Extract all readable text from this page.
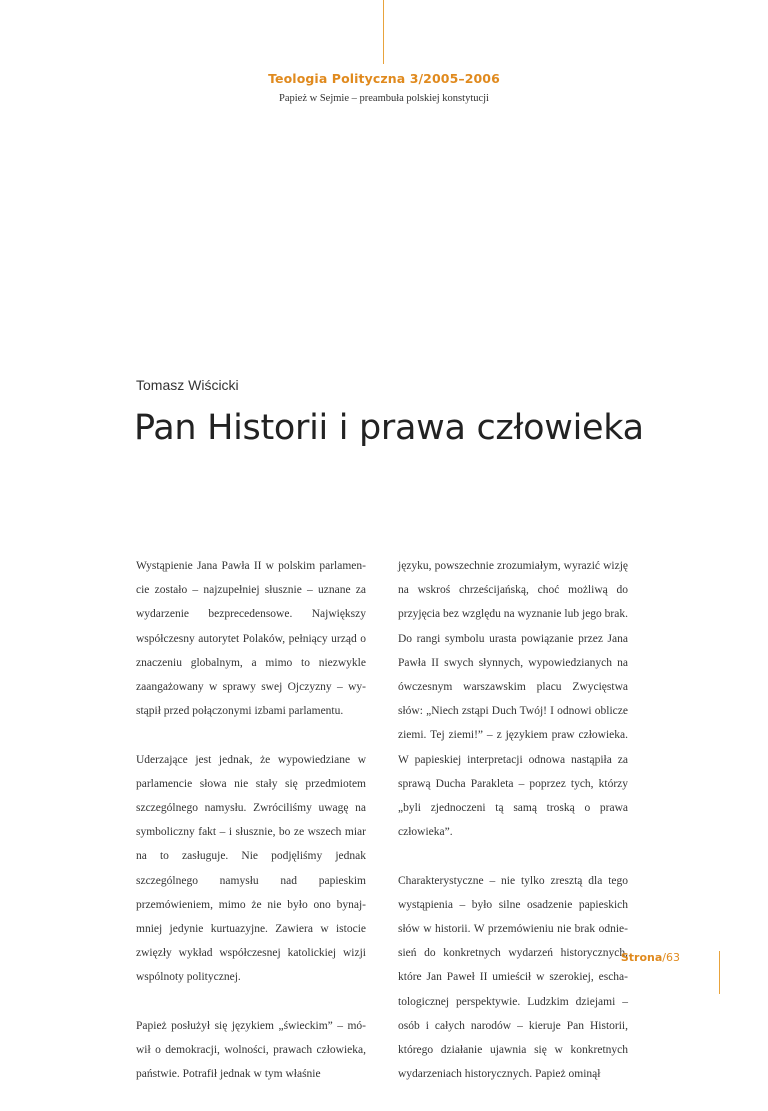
Teologia Polityczna 3/2005–2006
Papież w Sejmie – preambuła polskiej konstytucji
Tomasz Wiścicki
Pan Historii i prawa człowieka

Wystąpienie Jana Pawła II w polskim parlamencie zostało – najzupełniej słusznie – uznane za wydarzenie bezprecedensowe. Największy współczesny autorytet Polaków, pełniący urząd o znaczeniu globalnym, a mimo to niezwykle zaangażowany w sprawy swej Ojczyzny – wystąpił przed połączonymi izbami parlamentu.

Uderzające jest jednak, że wypowiedziane w parlamencie słowa nie stały się przedmiotem szczególnego namysłu. Zwróciliśmy uwagę na symboliczny fakt – i słusznie, bo ze wszech miar na to zasługuje. Nie podjęliśmy jednak szczególnego namysłu nad papieskim przemówieniem, mimo że nie było ono bynajmniej jedynie kurtuazyjne. Zawiera w istocie zwięzły wykład współczesnej katolickiej wizji wspólnoty politycznej.

Papież posłużył się językiem „świeckim” – mówił o demokracji, wolności, prawach człowieka, państwie. Potrafił jednak w tym właśnie

języku, powszechnie zrozumiałym, wyrazić wizję na wskroś chrześcijańską, choć możliwą do przyjęcia bez względu na wyznanie lub jego brak. Do rangi symbolu urasta powiązanie przez Jana Pawła II swych słynnych, wypowiedzianych na ówczesnym warszawskim placu Zwycięstwa słów: „Niech zstąpi Duch Twój! I odnowi oblicze ziemi. Tej ziemi!” – z językiem praw człowieka. W papieskiej interpretacji odnowa nastąpiła za sprawą Ducha Parakleta – poprzez tych, którzy „byli zjednoczeni tą samą troską o prawa człowieka”.

Charakterystyczne – nie tylko zresztą dla tego wystąpienia – było silne osadzenie papieskich słów w historii. W przemówieniu nie brak odniesień do konkretnych wydarzeń historycznych, które Jan Paweł II umieścił w szerokiej, eschatologicznej perspektywie. Ludzkim dziejami – osób i całych narodów – kieruje Pan Historii, którego działanie ujawnia się w konkretnych wydarzeniach historycznych. Papież ominął

Strona/63
